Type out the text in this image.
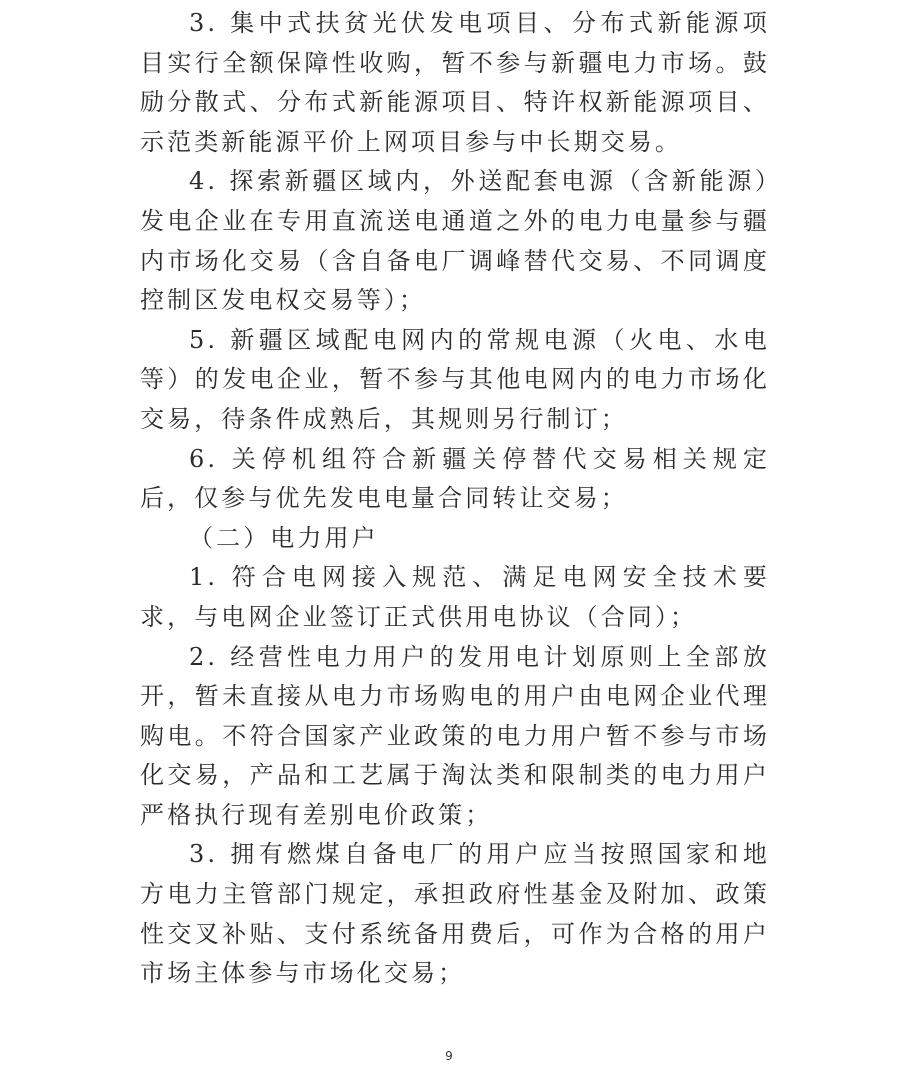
3. 集中式扶贫光伏发电项目、分布式新能源项目实行全额保障性收购，暂不参与新疆电力市场。鼓励分散式、分布式新能源项目、特许权新能源项目、示范类新能源平价上网项目参与中长期交易。

4. 探索新疆区域内，外送配套电源（含新能源）发电企业在专用直流送电通道之外的电力电量参与疆内市场化交易（含自备电厂调峰替代交易、不同调度控制区发电权交易等）；

5. 新疆区域配电网内的常规电源（火电、水电等）的发电企业，暂不参与其他电网内的电力市场化交易，待条件成熟后，其规则另行制订；

6. 关停机组符合新疆关停替代交易相关规定后，仅参与优先发电电量合同转让交易；

（二）电力用户

1. 符合电网接入规范、满足电网安全技术要求，与电网企业签订正式供用电协议（合同）；

2. 经营性电力用户的发用电计划原则上全部放开，暂未直接从电力市场购电的用户由电网企业代理购电。不符合国家产业政策的电力用户暂不参与市场化交易，产品和工艺属于淘汰类和限制类的电力用户严格执行现有差别电价政策；

3. 拥有燃煤自备电厂的用户应当按照国家和地方电力主管部门规定，承担政府性基金及附加、政策性交叉补贴、支付系统备用费后，可作为合格的用户市场主体参与市场化交易；

9
